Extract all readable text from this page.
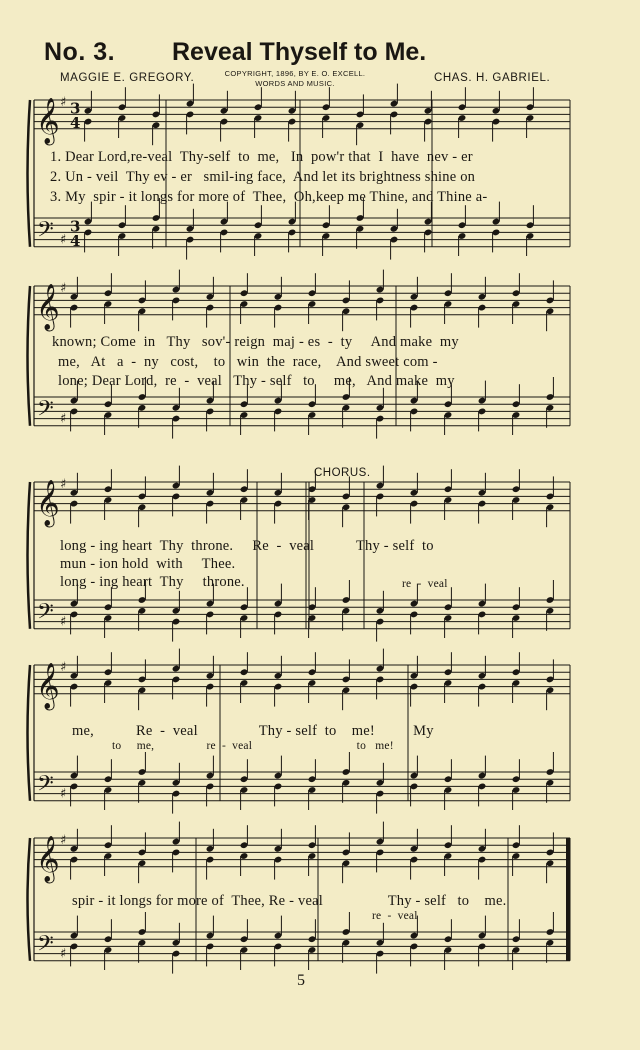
No. 3. Reveal Thyself to Me.
MAGGIE E. GREGORY.	COPYRIGHT, 1896, BY E. O. EXCELL.
WORDS AND MUSIC.	CHAS. H. GABRIEL.
𝄞 ♯
𝄢 ♯
3
3
4
4
𝄞 ♯
𝄢 ♯
𝄞 ♯
𝄢 ♯
𝄞 ♯
𝄢 ♯
𝄞 ♯
𝄢 ♯
1. Dear Lord,re-veal  Thy-self  to  me,   In  pow'r that  I  have  nev - er
2. Un - veil  Thy ev - er   smil-ing face,  And let its brightness shine on
3. My  spir - it longs for more of  Thee,  Oh,keep me Thine, and Thine a-
known; Come  in   Thy   sov'- reign  maj - es  -  ty     And make  my
me,   At   a  -  ny   cost,    to   win  the  race,    And sweet com -
lone; Dear Lord,  re  -  veal   Thy - self   to     me,   And make  my
CHORUS.
long - ing heart  Thy  throne.     Re  -  veal           Thy - self  to
mun - ion hold  with     Thee.
long - ing heart  Thy     throne.	re  -  veal
me,           Re  -  veal                Thy - self  to    me!          My
to     me,                 re  -  veal                                  to   me!
spir - it longs for more of  Thee, Re - veal                 Thy - self   to    me.
re  -  veal
5
